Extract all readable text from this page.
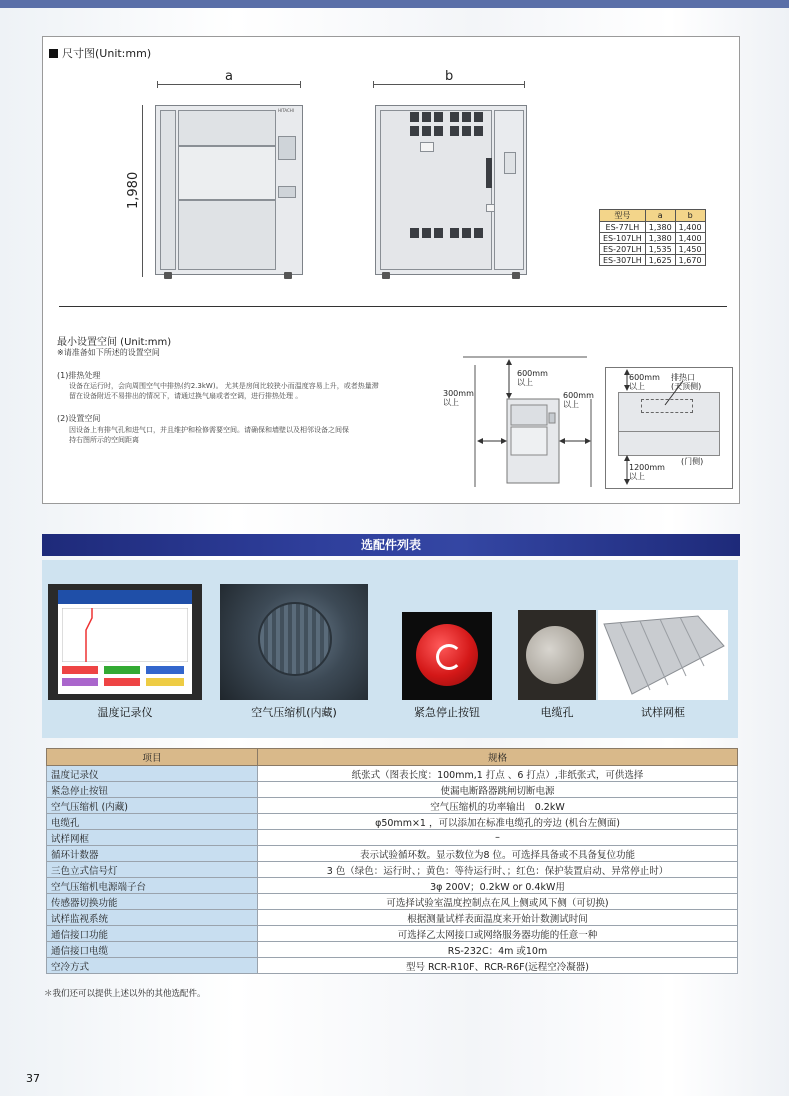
尺寸图(Unit:mm)
a
1,980
HITACHI
b
型号	a	b
ES-77LH	1,380	1,400
ES-107LH	1,380	1,400
ES-207LH	1,535	1,450
ES-307LH	1,625	1,670
最小设置空间 (Unit:mm)
※请准备如下所述的设置空间
(1)排热处理
设备在运行时，会向周围空气中排热(约2.3kW)。 尤其是房间比较狭小而温度容易上升，或者热量滞
留在设备附近不易排出的情况下，请通过换气扇或者空调，进行排热处理 。
(2)设置空间
因设备上有排气孔和进气口，并且维护和检修需要空间。请确保和墙壁以及相邻设备之间保
持右图所示的空间距离
600mm
以上
300mm
以上
600mm
以上
600mm
以上
排热口
(天顶侧)
1200mm
以上
(门侧)
选配件列表
温度记录仪	空气压缩机(内藏)	紧急停止按钮	电缆孔	试样网框
项目	规格
温度记录仪	纸张式（图表长度：100mm,1 打点 、6 打点）,非纸张式，可供选择
紧急停止按钮	使漏电断路器跳闸切断电源
空气压缩机 (内藏)	空气压缩机的功率输出　0.2kW
电缆孔	φ50mm×1 ，可以添加在标准电缆孔的旁边 (机台左侧面)
试样网框	–
循环计数器	表示试验循环数。显示数位为8 位。可选择具备或不具备复位功能
三色立式信号灯	3 色（绿色：运行时、；黄色：等待运行时、；红色：保护装置启动、异常停止时）
空气压缩机电源端子台	3φ 200V；0.2kW or 0.4kW用
传感器切换功能	可选择试验室温度控制点在风上侧或风下侧（可切换)
试样监视系统	根据测量试样表面温度来开始计数测试时间
通信接口功能	可选择乙太网接口或网络服务器功能的任意一种
通信接口电缆	RS-232C：4m 或10m
空冷方式	型号 RCR-R10F、RCR-R6F(远程空冷凝器)
＊我们还可以提供上述以外的其他选配件。
37
